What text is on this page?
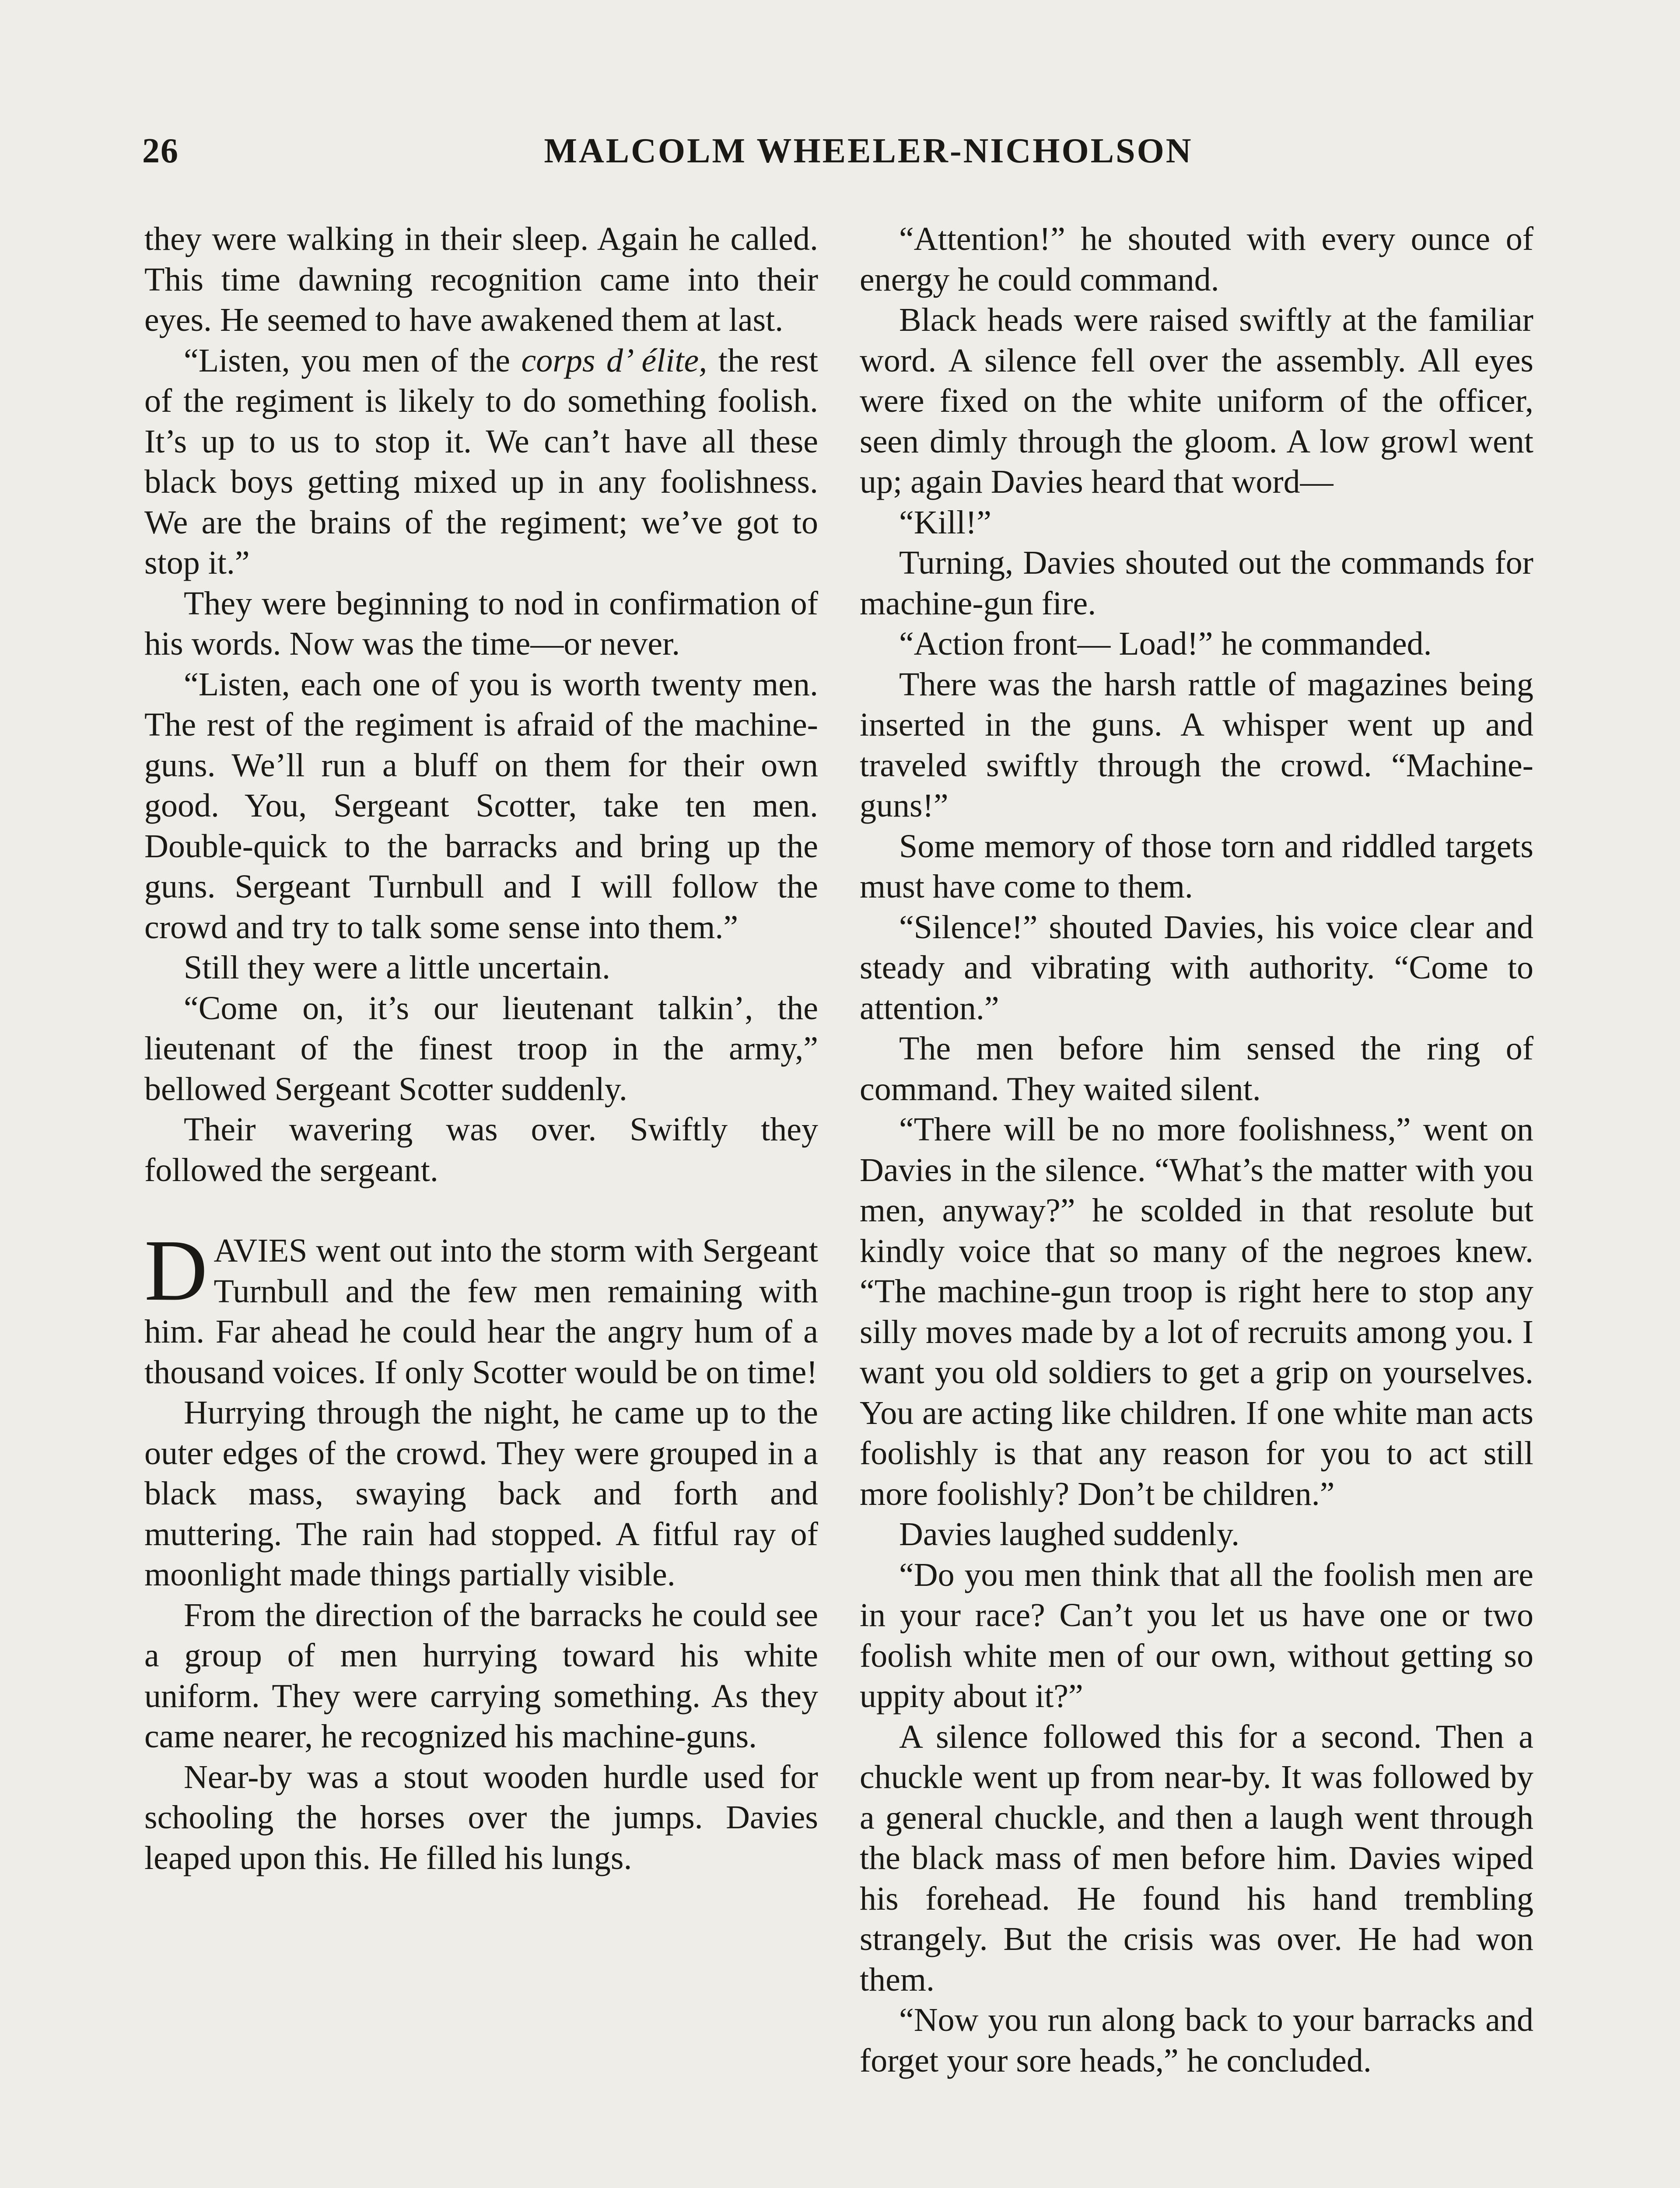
26	MALCOLM WHEELER-NICHOLSON

they were walking in their sleep. Again he called. This time dawning recognition came into their eyes. He seemed to have awakened them at last.

“Listen, you men of the corps d’ élite, the rest of the regiment is likely to do something foolish. It’s up to us to stop it. We can’t have all these black boys getting mixed up in any foolishness. We are the brains of the regiment; we’ve got to stop it.”

They were beginning to nod in confirmation of his words. Now was the time—or never.

“Listen, each one of you is worth twenty men. The rest of the regiment is afraid of the machine-guns. We’ll run a bluff on them for their own good. You, Sergeant Scotter, take ten men. Double-quick to the barracks and bring up the guns. Sergeant Turnbull and I will follow the crowd and try to talk some sense into them.”

Still they were a little uncertain.

“Come on, it’s our lieutenant talkin’, the lieutenant of the finest troop in the army,” bellowed Sergeant Scotter suddenly.

Their wavering was over. Swiftly they followed the sergeant.

DAVIES went out into the storm with Sergeant Turnbull and the few men remaining with him. Far ahead he could hear the angry hum of a thousand voices. If only Scotter would be on time!

Hurrying through the night, he came up to the outer edges of the crowd. They were grouped in a black mass, swaying back and forth and muttering. The rain had stopped. A fitful ray of moonlight made things partially visible.

From the direction of the barracks he could see a group of men hurrying toward his white uniform. They were carrying something. As they came nearer, he recognized his machine-guns.

Near-by was a stout wooden hurdle used for schooling the horses over the jumps. Davies leaped upon this. He filled his lungs.

“Attention!” he shouted with every ounce of energy he could command.

Black heads were raised swiftly at the familiar word. A silence fell over the assembly. All eyes were fixed on the white uniform of the officer, seen dimly through the gloom. A low growl went up; again Davies heard that word—

“Kill!”

Turning, Davies shouted out the commands for machine-gun fire.

“Action front— Load!” he commanded.

There was the harsh rattle of magazines being inserted in the guns. A whisper went up and traveled swiftly through the crowd. “Machine-guns!”

Some memory of those torn and riddled targets must have come to them.

“Silence!” shouted Davies, his voice clear and steady and vibrating with authority. “Come to attention.”

The men before him sensed the ring of command. They waited silent.

“There will be no more foolishness,” went on Davies in the silence. “What’s the matter with you men, anyway?” he scolded in that resolute but kindly voice that so many of the negroes knew. “The machine-gun troop is right here to stop any silly moves made by a lot of recruits among you. I want you old soldiers to get a grip on yourselves. You are acting like children. If one white man acts foolishly is that any reason for you to act still more foolishly? Don’t be children.”

Davies laughed suddenly.

“Do you men think that all the foolish men are in your race? Can’t you let us have one or two foolish white men of our own, without getting so uppity about it?”

A silence followed this for a second. Then a chuckle went up from near-by. It was followed by a general chuckle, and then a laugh went through the black mass of men before him. Davies wiped his forehead. He found his hand trembling strangely. But the crisis was over. He had won them.

“Now you run along back to your barracks and forget your sore heads,” he concluded.
